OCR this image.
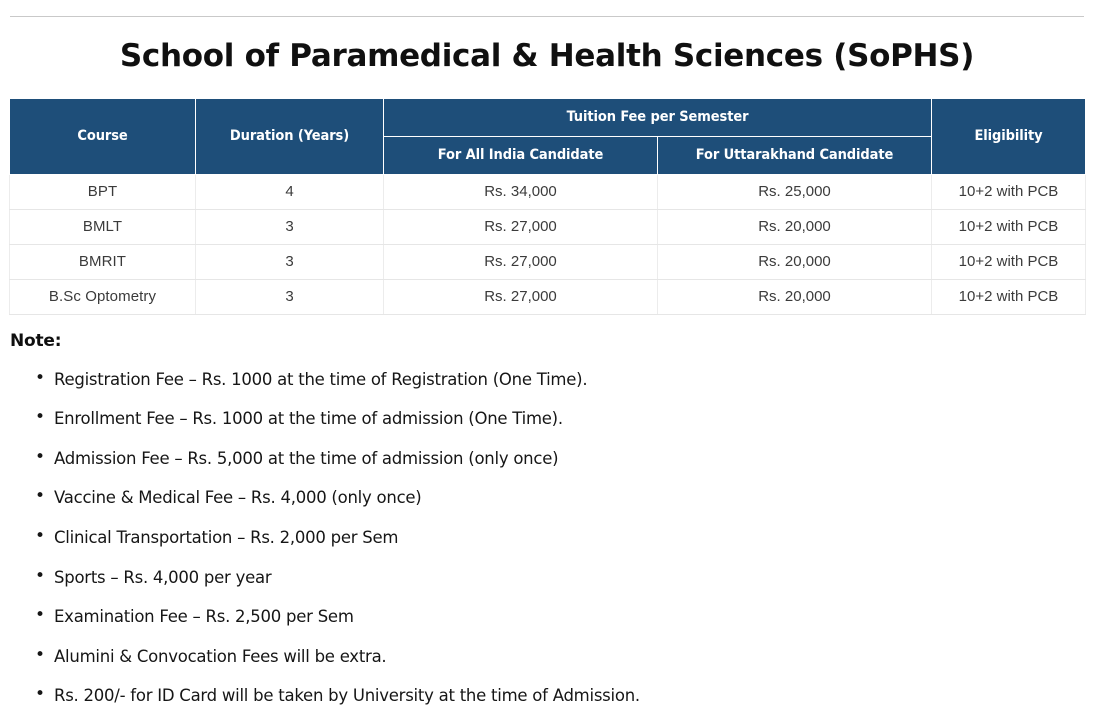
School of Paramedical & Health Sciences (SoPHS)
Course	Duration (Years)	Tuition Fee per Semester		Eligibility
		For All India Candidate	For Uttarakhand Candidate	
BPT	4	Rs. 34,000	Rs. 25,000	10+2 with PCB
BMLT	3	Rs. 27,000	Rs. 20,000	10+2 with PCB
BMRIT	3	Rs. 27,000	Rs. 20,000	10+2 with PCB
B.Sc Optometry	3	Rs. 27,000	Rs. 20,000	10+2 with PCB
Note:
• Registration Fee – Rs. 1000 at the time of Registration (One Time).
• Enrollment Fee – Rs. 1000 at the time of admission (One Time).
• Admission Fee – Rs. 5,000 at the time of admission (only once)
• Vaccine & Medical Fee – Rs. 4,000 (only once)
• Clinical Transportation – Rs. 2,000 per Sem
• Sports – Rs. 4,000 per year
• Examination Fee – Rs. 2,500 per Sem
• Alumini & Convocation Fees will be extra.
• Rs. 200/- for ID Card will be taken by University at the time of Admission.
